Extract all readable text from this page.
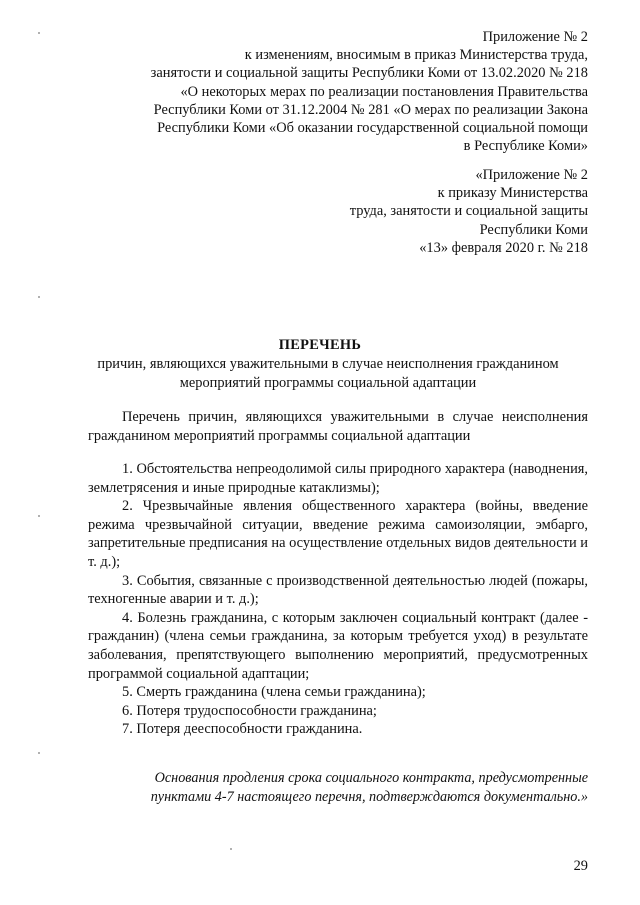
Приложение № 2
к изменениям, вносимым в приказ Министерства труда,
занятости и социальной защиты Республики Коми от 13.02.2020 № 218
«О некоторых мерах по реализации постановления Правительства
Республики Коми от 31.12.2004 № 281 «О мерах по реализации Закона
Республики Коми «Об оказании государственной социальной помощи
в Республике Коми»
«Приложение № 2
к приказу Министерства
труда, занятости и социальной защиты
Республики Коми
«13» февраля 2020 г. № 218
ПЕРЕЧЕНЬ
причин, являющихся уважительными в случае неисполнения гражданином
мероприятий программы социальной адаптации
Перечень причин, являющихся уважительными в случае неисполнения
гражданином мероприятий программы социальной адаптации

1. Обстоятельства непреодолимой силы природного характера (наводнения, землетрясения и иные природные катаклизмы);

2. Чрезвычайные явления общественного характера (войны, введение режима чрезвычайной ситуации, введение режима самоизоляции, эмбарго, запретительные предписания на осуществление отдельных видов деятельности и т. д.);

3. События, связанные с производственной деятельностью людей (пожары, техногенные аварии и т. д.);

4. Болезнь гражданина, с которым заключен социальный контракт (далее - гражданин) (члена семьи гражданина, за которым требуется уход) в результате заболевания, препятствующего выполнению мероприятий, предусмотренных программой социальной адаптации;

5. Смерть гражданина (члена семьи гражданина);

6. Потеря трудоспособности гражданина;

7. Потеря дееспособности гражданина.

Основания продления срока социального контракта, предусмотренные
пунктами 4-7 настоящего перечня, подтверждаются документально.»
29
